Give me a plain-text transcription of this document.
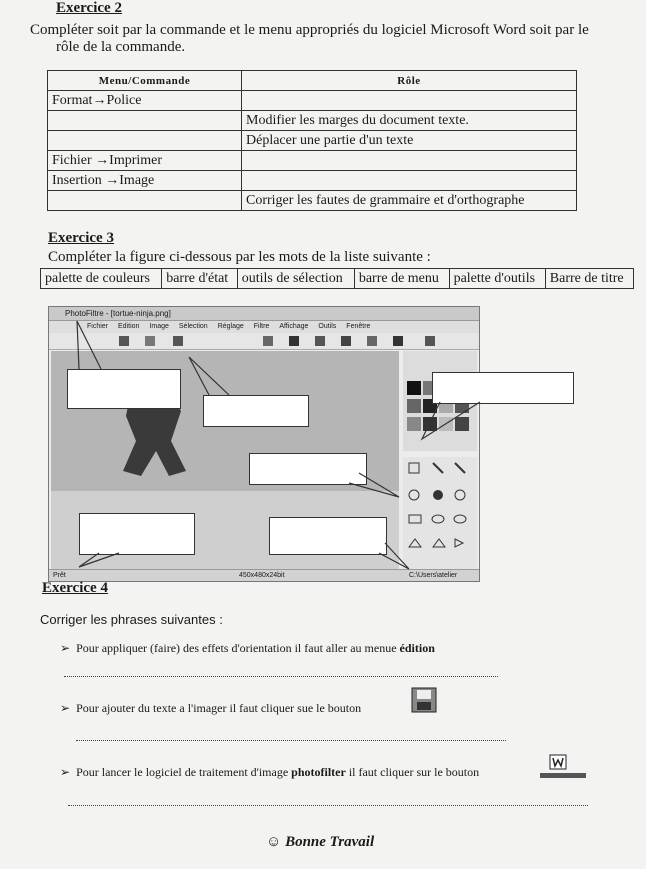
Exercice 2
Compléter soit par la commande et le menu appropriés du logiciel Microsoft Word soit par le
rôle de la commande.
Menu/Commande	Rôle
Format→Police	
	Modifier les marges du document texte.
	Déplacer une partie d'un texte
Fichier →Imprimer	
Insertion →Image	
	Corriger les fautes de grammaire et d'orthographe
Exercice 3
Compléter la figure ci-dessous par les mots de la liste suivante :
palette de couleurs	barre d'état	outils de sélection	barre de menu	palette d'outils	Barre de titre
PhotoFiltre - [tortue-ninja.png]
Fichier Edition Image Sélection Réglage Filtre Affichage Outils Fenêtre
Prêt	450x480x24bit	C:\Users\atelier
Exercice 4
Corriger les phrases suivantes :
➢ Pour appliquer (faire) des effets d'orientation il faut aller au menue édition
➢ Pour ajouter du texte a l'imager il faut cliquer sue le bouton
➢ Pour lancer le logiciel de traitement d'image photofilter il faut cliquer sur le bouton
☺ Bonne Travail
